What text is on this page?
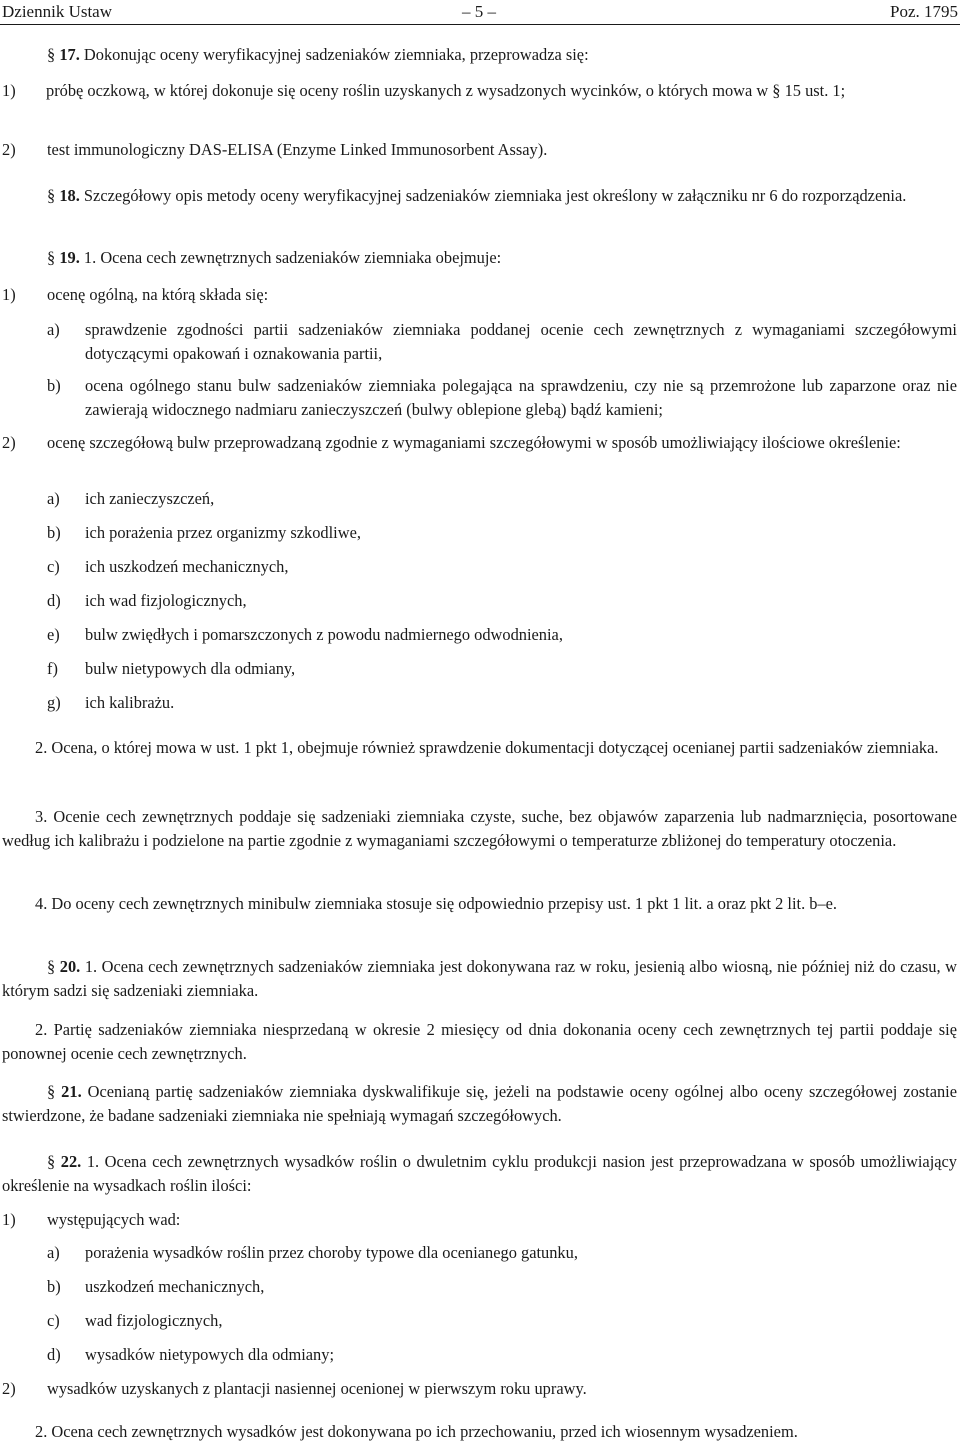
Dziennik Ustaw	– 5 –	Poz. 1795
§ 17. Dokonując oceny weryfikacyjnej sadzeniaków ziemniaka, przeprowadza się:
1)	próbę oczkową, w której dokonuje się oceny roślin uzyskanych z wysadzonych wycinków, o których mowa w § 15 ust. 1;
2) test immunologiczny DAS-ELISA (Enzyme Linked Immunosorbent Assay).
§ 18. Szczegółowy opis metody oceny weryfikacyjnej sadzeniaków ziemniaka jest określony w załączniku nr 6 do rozporządzenia.
§ 19. 1. Ocena cech zewnętrznych sadzeniaków ziemniaka obejmuje:
1) ocenę ogólną, na którą składa się:
a) sprawdzenie zgodności partii sadzeniaków ziemniaka poddanej ocenie cech zewnętrznych z wymaganiami szczegółowymi dotyczącymi opakowań i oznakowania partii,
b) ocena ogólnego stanu bulw sadzeniaków ziemniaka polegająca na sprawdzeniu, czy nie są przemrożone lub zaparzone oraz nie zawierają widocznego nadmiaru zanieczyszczeń (bulwy oblepione glebą) bądź kamieni;
2) ocenę szczegółową bulw przeprowadzaną zgodnie z wymaganiami szczegółowymi w sposób umożliwiający ilościowe określenie:
a) ich zanieczyszczeń,
b) ich porażenia przez organizmy szkodliwe,
c) ich uszkodzeń mechanicznych,
d) ich wad fizjologicznych,
e) bulw zwiędłych i pomarszczonych z powodu nadmiernego odwodnienia,
f) bulw nietypowych dla odmiany,
g) ich kalibrażu.
2. Ocena, o której mowa w ust. 1 pkt 1, obejmuje również sprawdzenie dokumentacji dotyczącej ocenianej partii sadzeniaków ziemniaka.
3. Ocenie cech zewnętrznych poddaje się sadzeniaki ziemniaka czyste, suche, bez objawów zaparzenia lub nadmarznięcia, posortowane według ich kalibrażu i podzielone na partie zgodnie z wymaganiami szczegółowymi o temperaturze zbliżonej do temperatury otoczenia.
4. Do oceny cech zewnętrznych minibulw ziemniaka stosuje się odpowiednio przepisy ust. 1 pkt 1 lit. a oraz pkt 2 lit. b–e.
§ 20. 1. Ocena cech zewnętrznych sadzeniaków ziemniaka jest dokonywana raz w roku, jesienią albo wiosną, nie później niż do czasu, w którym sadzi się sadzeniaki ziemniaka.
2. Partię sadzeniaków ziemniaka niesprzedaną w okresie 2 miesięcy od dnia dokonania oceny cech zewnętrznych tej partii poddaje się ponownej ocenie cech zewnętrznych.
§ 21. Ocenianą partię sadzeniaków ziemniaka dyskwalifikuje się, jeżeli na podstawie oceny ogólnej albo oceny szczegółowej zostanie stwierdzone, że badane sadzeniaki ziemniaka nie spełniają wymagań szczegółowych.
§ 22. 1. Ocena cech zewnętrznych wysadków roślin o dwuletnim cyklu produkcji nasion jest przeprowadzana w sposób umożliwiający określenie na wysadkach roślin ilości:
1) występujących wad:
a) porażenia wysadków roślin przez choroby typowe dla ocenianego gatunku,
b) uszkodzeń mechanicznych,
c) wad fizjologicznych,
d) wysadków nietypowych dla odmiany;
2) wysadków uzyskanych z plantacji nasiennej ocenionej w pierwszym roku uprawy.
2. Ocena cech zewnętrznych wysadków jest dokonywana po ich przechowaniu, przed ich wiosennym wysadzeniem.
